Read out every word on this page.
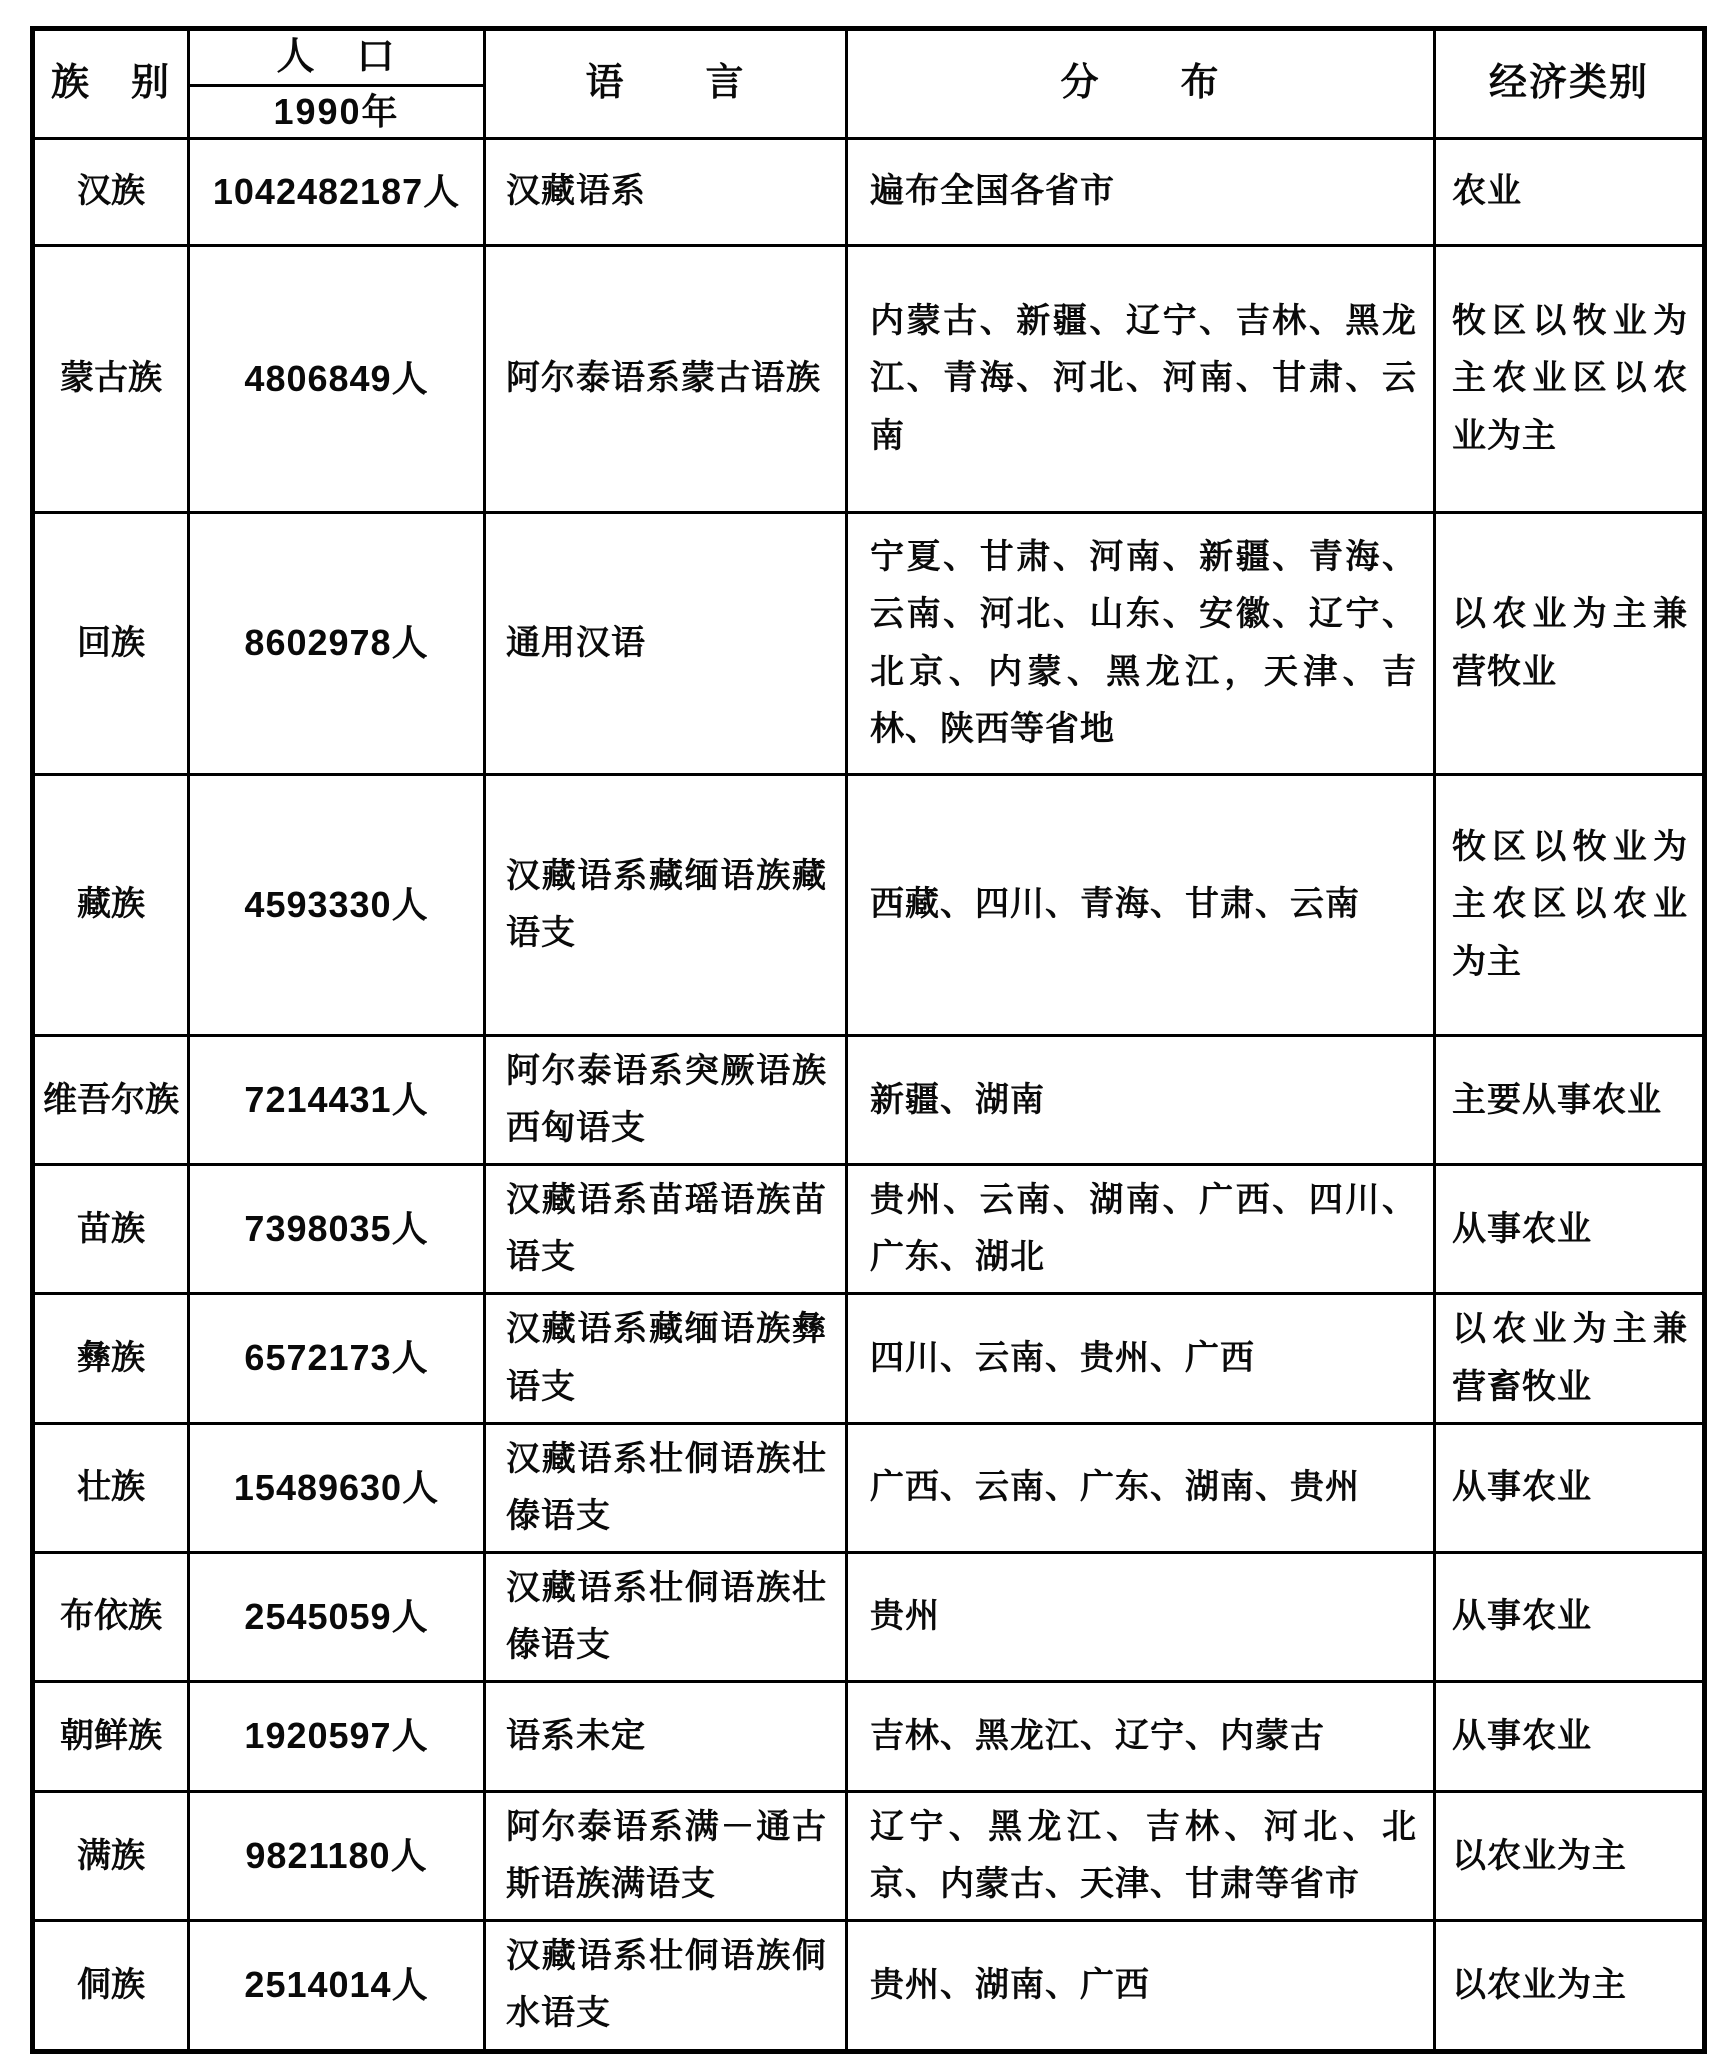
族　别	人　口	语　　言	分　　布	经济类别
	1990年			
汉族	1042482187人	汉藏语系	遍布全国各省市	农业
蒙古族	4806849人	阿尔泰语系蒙古语族	内蒙古、新疆、辽宁、吉林、黑龙江、青海、河北、河南、甘肃、云南	牧区以牧业为主农业区以农业为主
回族	8602978人	通用汉语	宁夏、甘肃、河南、新疆、青海、云南、河北、山东、安徽、辽宁、北京、内蒙、黑龙江，天津、吉林、陕西等省地	以农业为主兼营牧业
藏族	4593330人	汉藏语系藏缅语族藏语支	西藏、四川、青海、甘肃、云南	牧区以牧业为主农区以农业为主
维吾尔族	7214431人	阿尔泰语系突厥语族西匈语支	新疆、湖南	主要从事农业
苗族	7398035人	汉藏语系苗瑶语族苗语支	贵州、云南、湖南、广西、四川、广东、湖北	从事农业
彝族	6572173人	汉藏语系藏缅语族彝语支	四川、云南、贵州、广西	以农业为主兼营畜牧业
壮族	15489630人	汉藏语系壮侗语族壮傣语支	广西、云南、广东、湖南、贵州	从事农业
布依族	2545059人	汉藏语系壮侗语族壮傣语支	贵州	从事农业
朝鲜族	1920597人	语系未定	吉林、黑龙江、辽宁、内蒙古	从事农业
满族	9821180人	阿尔泰语系满－通古斯语族满语支	辽宁、黑龙江、吉林、河北、北京、内蒙古、天津、甘肃等省市	以农业为主
侗族	2514014人	汉藏语系壮侗语族侗水语支	贵州、湖南、广西	以农业为主
